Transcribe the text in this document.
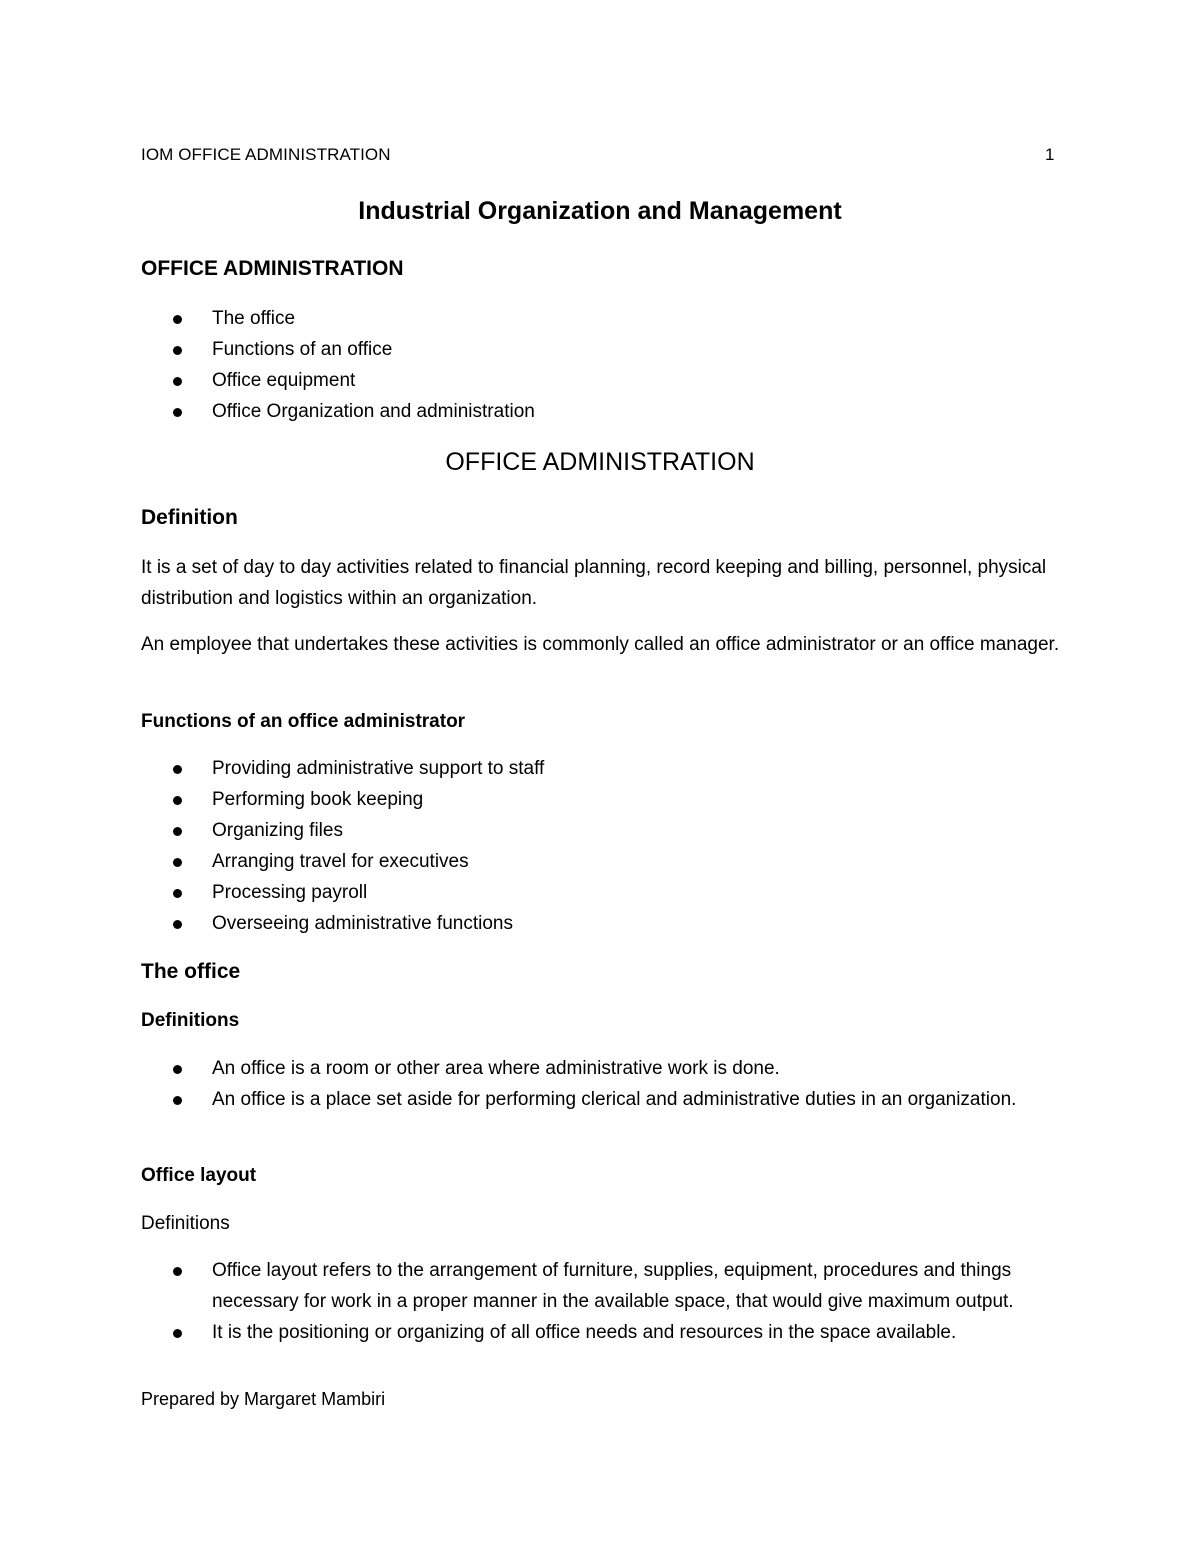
IOM OFFICE ADMINISTRATION	1
Industrial Organization and Management
OFFICE ADMINISTRATION
The office
Functions of an office
Office equipment
Office Organization and administration
OFFICE ADMINISTRATION
Definition

It is a set of day to day activities related to financial planning, record keeping and billing, personnel, physical distribution and logistics within an organization.

An employee that undertakes these activities is commonly called an office administrator or an office manager.

Functions of an office administrator
Providing administrative support to staff
Performing book keeping
Organizing files
Arranging travel for executives
Processing payroll
Overseeing administrative functions
The office
Definitions
An office is a room or other area where administrative work is done.
An office is a place set aside for performing clerical and administrative duties in an organization.
Office layout
Definitions
Office layout refers to the arrangement of furniture, supplies, equipment, procedures and things necessary for work in a proper manner in the available space, that would give maximum output.
It is the positioning or organizing of all office needs and resources in the space available.
Prepared by Margaret Mambiri
